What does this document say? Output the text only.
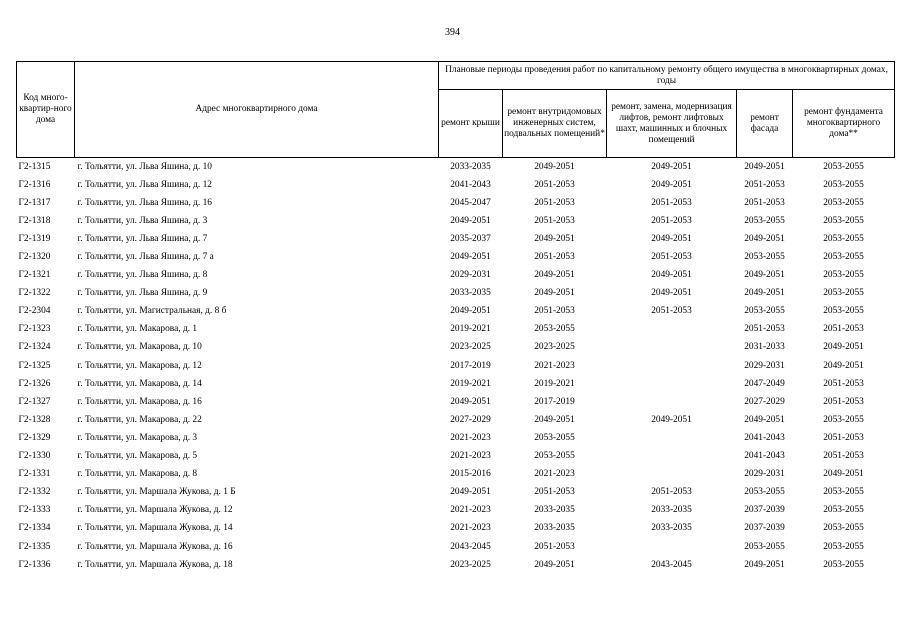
394
Код много-квартир-ного дома	Адрес многоквартирного дома	Плановые периоды проведения работ по капитальному ремонту общего имущества в многоквартирных домах, годы				
		ремонт крыши	ремонт внутридомовых инженерных систем, подвальных помещений*	ремонт, замена, модернизация лифтов, ремонт лифтовых шахт, машинных и блочных помещений	ремонт фасада	ремонт фундамента многоквартирного дома**
Г2-1315	г. Тольятти, ул. Льва Яшина, д. 10	2033-2035	2049-2051	2049-2051	2049-2051	2053-2055
Г2-1316	г. Тольятти, ул. Льва Яшина, д. 12	2041-2043	2051-2053	2049-2051	2051-2053	2053-2055
Г2-1317	г. Тольятти, ул. Льва Яшина, д. 16	2045-2047	2051-2053	2051-2053	2051-2053	2053-2055
Г2-1318	г. Тольятти, ул. Льва Яшина, д. 3	2049-2051	2051-2053	2051-2053	2053-2055	2053-2055
Г2-1319	г. Тольятти, ул. Льва Яшина, д. 7	2035-2037	2049-2051	2049-2051	2049-2051	2053-2055
Г2-1320	г. Тольятти, ул. Льва Яшина, д. 7 а	2049-2051	2051-2053	2051-2053	2053-2055	2053-2055
Г2-1321	г. Тольятти, ул. Льва Яшина, д. 8	2029-2031	2049-2051	2049-2051	2049-2051	2053-2055
Г2-1322	г. Тольятти, ул. Льва Яшина, д. 9	2033-2035	2049-2051	2049-2051	2049-2051	2053-2055
Г2-2304	г. Тольятти, ул. Магистральная, д. 8 б	2049-2051	2051-2053	2051-2053	2053-2055	2053-2055
Г2-1323	г. Тольятти, ул. Макарова, д. 1	2019-2021	2053-2055		2051-2053	2051-2053
Г2-1324	г. Тольятти, ул. Макарова, д. 10	2023-2025	2023-2025		2031-2033	2049-2051
Г2-1325	г. Тольятти, ул. Макарова, д. 12	2017-2019	2021-2023		2029-2031	2049-2051
Г2-1326	г. Тольятти, ул. Макарова, д. 14	2019-2021	2019-2021		2047-2049	2051-2053
Г2-1327	г. Тольятти, ул. Макарова, д. 16	2049-2051	2017-2019		2027-2029	2051-2053
Г2-1328	г. Тольятти, ул. Макарова, д. 22	2027-2029	2049-2051	2049-2051	2049-2051	2053-2055
Г2-1329	г. Тольятти, ул. Макарова, д. 3	2021-2023	2053-2055		2041-2043	2051-2053
Г2-1330	г. Тольятти, ул. Макарова, д. 5	2021-2023	2053-2055		2041-2043	2051-2053
Г2-1331	г. Тольятти, ул. Макарова, д. 8	2015-2016	2021-2023		2029-2031	2049-2051
Г2-1332	г. Тольятти, ул. Маршала Жукова, д. 1 Б	2049-2051	2051-2053	2051-2053	2053-2055	2053-2055
Г2-1333	г. Тольятти, ул. Маршала Жукова, д. 12	2021-2023	2033-2035	2033-2035	2037-2039	2053-2055
Г2-1334	г. Тольятти, ул. Маршала Жукова, д. 14	2021-2023	2033-2035	2033-2035	2037-2039	2053-2055
Г2-1335	г. Тольятти, ул. Маршала Жукова, д. 16	2043-2045	2051-2053		2053-2055	2053-2055
Г2-1336	г. Тольятти, ул. Маршала Жукова, д. 18	2023-2025	2049-2051	2043-2045	2049-2051	2053-2055
